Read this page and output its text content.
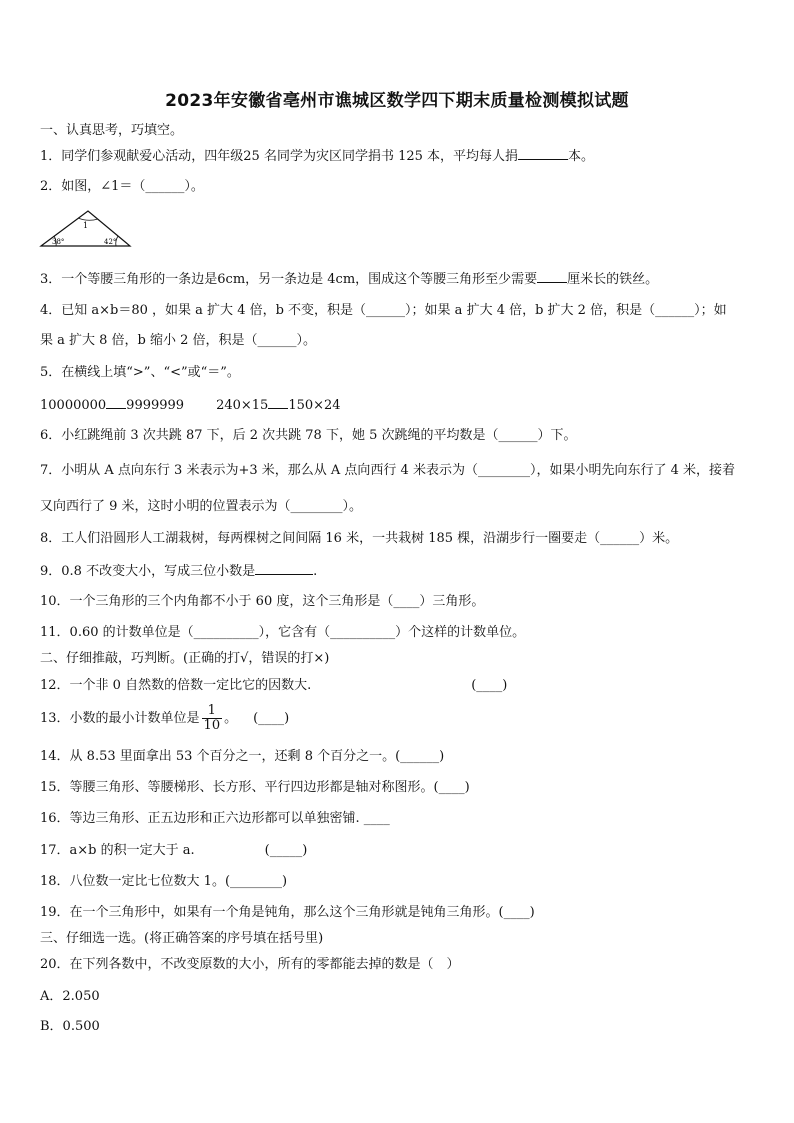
2023年安徽省亳州市谯城区数学四下期末质量检测模拟试题
一、认真思考，巧填空。
1．同学们参观献爱心活动，四年级25 名同学为灾区同学捐书 125 本，平均每人捐	本。
2．如图，∠1＝（______）。
1
38°	42°
3．一个等腰三角形的一条边是6cm，另一条边是 4cm，围成这个等腰三角形至少需要 厘米长的铁丝。
4．已知 a×b＝80 ，如果 a 扩大 4 倍，b 不变，积是（______）；如果 a 扩大 4 倍，b 扩大 2 倍，积是（______）；如
果 a 扩大 8 倍，b 缩小 2 倍，积是（______）。
5．在横线上填“>”、“<”或“＝”。
10000000 9999999 240×15 150×24
6．小红跳绳前 3 次共跳 87 下，后 2 次共跳 78 下，她 5 次跳绳的平均数是（______）下。
7．小明从 A 点向东行 3 米表示为+3 米，那么从 A 点向西行 4 米表示为（________），如果小明先向东行了 4 米，接着
又向西行了 9 米，这时小明的位置表示为（________）。
8．工人们沿圆形人工湖栽树，每两棵树之间间隔 16 米，一共栽树 185 棵，沿湖步行一圈要走（______）米。
9．0.8 不改变大小，写成三位小数是	.
10．一个三角形的三个内角都不小于 60 度，这个三角形是（____）三角形。
11．0.60 的计数单位是（__________），它含有（__________）个这样的计数单位。
二、仔细推敲，巧判断。(正确的打√，错误的打×)
12．一个非 0 自然数的倍数一定比它的因数大.	(____)
13．小数的最小计数单位是 $\frac{1}{10}$ 。 (____)
14．从 8.53 里面拿出 53 个百分之一，还剩 8 个百分之一。(______)
15．等腰三角形、等腰梯形、长方形、平行四边形都是轴对称图形。(____)
16．等边三角形、正五边形和正六边形都可以单独密铺. ____
17．a×b 的积一定大于 a.	(_____)
18．八位数一定比七位数大 1。(________)
19．在一个三角形中，如果有一个角是钝角，那么这个三角形就是钝角三角形。(____)
三、仔细选一选。(将正确答案的序号填在括号里)
20．在下列各数中，不改变原数的大小，所有的零都能去掉的数是（　）
A．2.050
B．0.500
